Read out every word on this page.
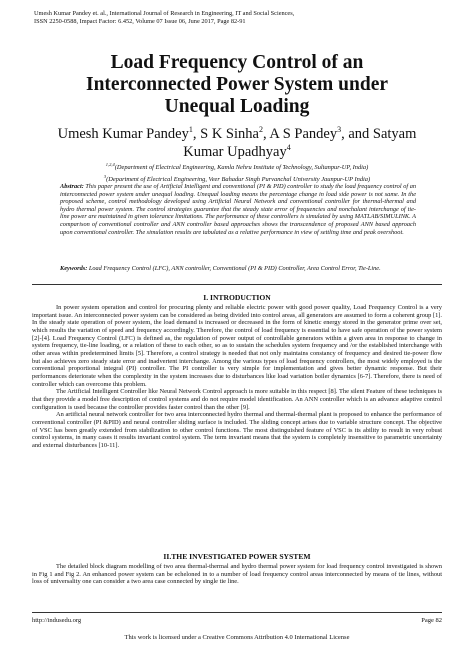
Umesh Kumar Pandey et. al., International Journal of Research in Engineering, IT and Social Sciences,
ISSN 2250-0588, Impact Factor: 6.452, Volume 07 Issue 06, June 2017, Page 82-91
Load Frequency Control of an
Interconnected Power System under
Unequal Loading
Umesh Kumar Pandey$^1$, S K Sinha$^2$, A S Pandey$^3$, and Satyam Kumar Upadhyay$^4$
$^{1,2,4}$(Department of Electrical Engineering, Kamla Nehru Institute of Technology, Sultanpur-UP, India)
$^3$(Department of Electrical Engineering, Veer Bahadur Singh Purvanchal University Jaunpur-UP India)
Abstract: This paper present the use of Artificial Intelligent and conventional (PI & PID) controller to study the load frequency control of an interconnected power system under unequal loading. Unequal loading means the percentage change in load side power is not same. In the proposed scheme, control methodology developed using Artificial Neural Network and conventional controller for thermal-thermal and hydro thermal power system. The control strategies guarantee that the steady state error of frequencies and nonchalant interchange of tie-line power are maintained in given tolerance limitations. The performance of these controllers is simulated by using MATLAB/SIMULINK. A comparison of conventional controller and ANN controller based approaches shows the transcendence of proposed ANN based approach upon conventional controller. The simulation results are tabulated as a relative performance in view of settling time and peak overshoot.
Keywords: Load Frequency Control (LFC), ANN controller, Conventional (PI & PID) Controller, Area Control Error, Tie-Line.
I. INTRODUCTION

In power system operation and control for procuring plenty and reliable electric power with good power quality, Load Frequency Control is a very important issue. An interconnected power system can be considered as being divided into control areas, all generators are assumed to form a coherent group [1]. In the steady state operation of power system, the load demand is increased or decreased in the form of kinetic energy stored in the generator prime over set, which results the variation of speed and frequency accordingly. Therefore, the control of load frequency is essential to have safe operation of the power system [2]-[4]. Load Frequency Control (LFC) is defined as, the regulation of power output of controllable generators within a given area in response to change in system frequency, tie-line loading, or a relation of these to each other, so as to sustain the schedules system frequency and /or the established interchange with other areas within predetermined limits [5]. Therefore, a control strategy is needed that not only maintains constancy of frequency and desired tie-power flow but also achieves zero steady state error and inadvertent interchange. Among the various types of load frequency controllers, the most widely employed is the conventional proportional integral (PI) controller. The PI controller is very simple for implementation and gives better dynamic response. But their performances deteriorate when the complexity in the system increases due to disturbances like load variation boiler dynamics [6-7]. Therefore, there is need of controller which can overcome this problem.

The Artificial Intelligent Controller like Neural Network Control approach is more suitable in this respect [8]. The silent Feature of these techniques is that they provide a model free description of control systems and do not require model identification. An ANN controller which is an advance adaptive control configuration is used because the controller provides faster control than the other [9].

An artificial neural network controller for two area interconnected hydro thermal and thermal-thermal plant is proposed to enhance the performance of conventional controller (PI &PID) and neural controller sliding surface is included. The sliding concept arises due to variable structure concept. The objective of VSC has been greatly extended from stabilization to other control functions. The most distinguished feature of VSC is its ability to result in very robust control systems, in many cases it results invariant control system. The term invariant means that the system is completely insensitive to parametric uncertainty and external disturbances [10-11].

II.THE INVESTIGATED POWER SYSTEM

The detailed block diagram modelling of two area thermal-thermal and hydro thermal power system for load frequency control investigated is shown in Fig 1 and Fig 2. An enhanced power system can be echeloned in to a number of load frequency control areas interconnected by means of tie lines, without loss of universality one can consider a two area case connected by single tie line.

http://indusedu.org	Page 82
This work is licensed under a Creative Commons Attribution 4.0 International License
